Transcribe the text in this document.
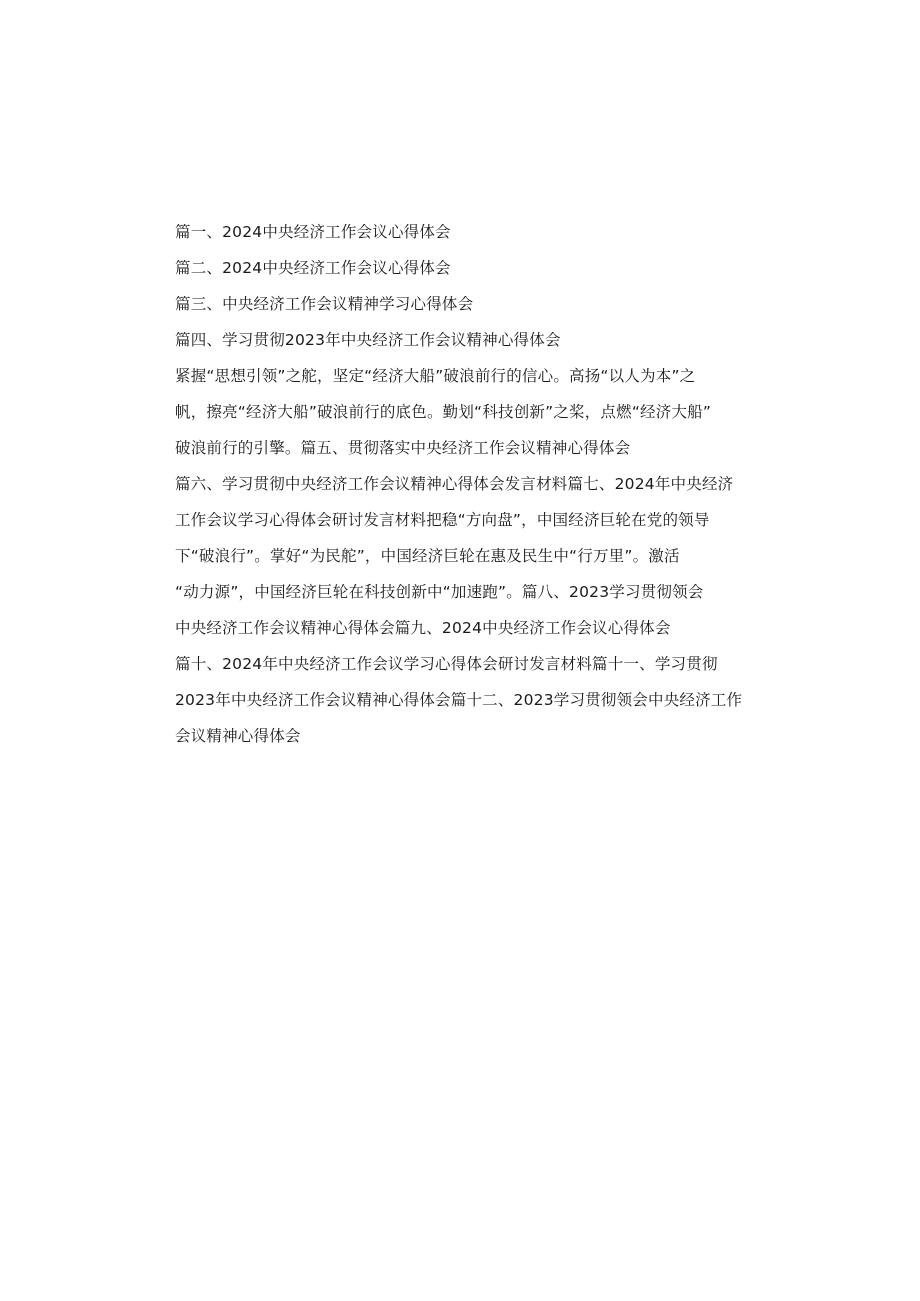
篇一、2024中央经济工作会议心得体会
篇二、2024中央经济工作会议心得体会
篇三、中央经济工作会议精神学习心得体会
篇四、学习贯彻2023年中央经济工作会议精神心得体会
紧握“思想引领”之舵，坚定“经济大船”破浪前行的信心。高扬“以人为本”之
帆，擦亮“经济大船”破浪前行的底色。勤划“科技创新”之桨，点燃“经济大船”
破浪前行的引擎。篇五、贯彻落实中央经济工作会议精神心得体会
篇六、学习贯彻中央经济工作会议精神心得体会发言材料篇七、2024年中央经济
工作会议学习心得体会研讨发言材料把稳“方向盘”，中国经济巨轮在党的领导
下“破浪行”。掌好“为民舵”，中国经济巨轮在惠及民生中“行万里”。激活
“动力源”，中国经济巨轮在科技创新中“加速跑”。篇八、2023学习贯彻领会
中央经济工作会议精神心得体会篇九、2024中央经济工作会议心得体会
篇十、2024年中央经济工作会议学习心得体会研讨发言材料篇十一、学习贯彻
2023年中央经济工作会议精神心得体会篇十二、2023学习贯彻领会中央经济工作
会议精神心得体会
